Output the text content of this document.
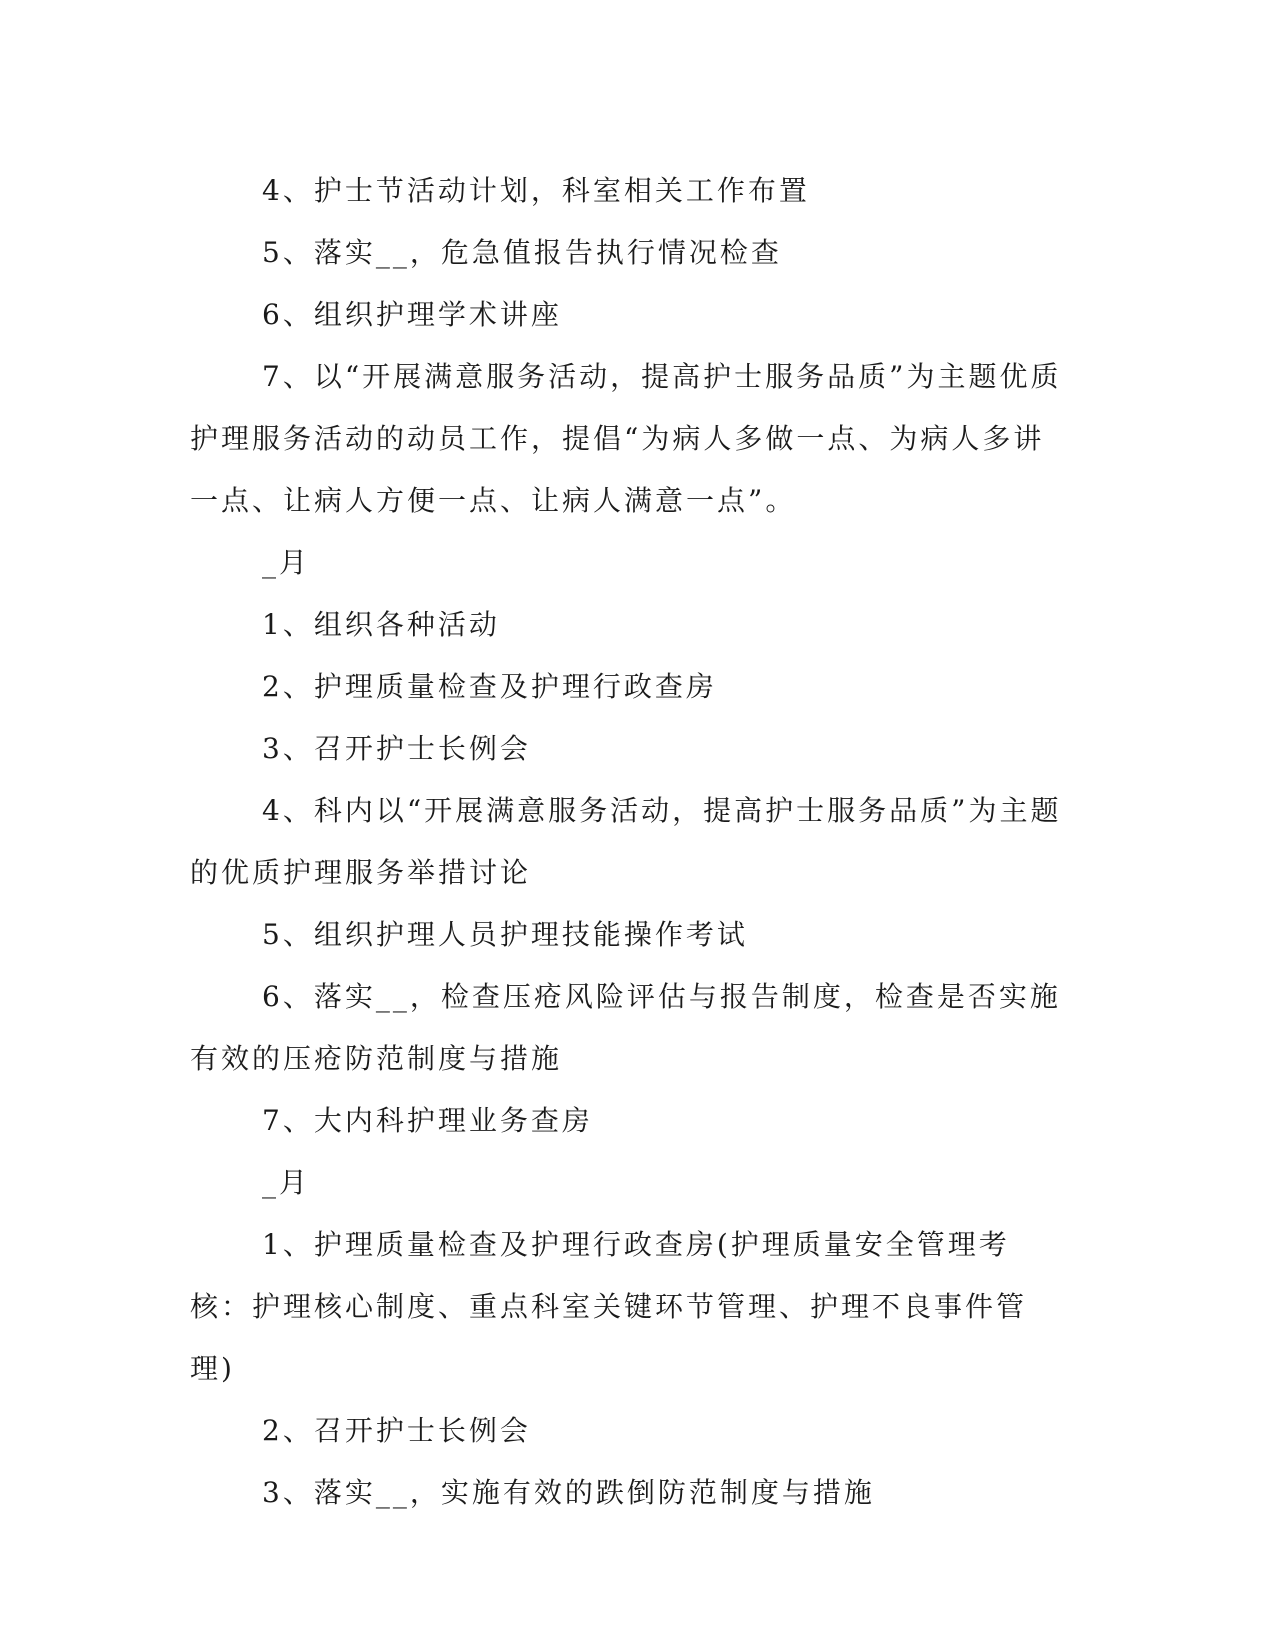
4、护士节活动计划，科室相关工作布置

5、落实__，危急值报告执行情况检查

6、组织护理学术讲座

7、以“开展满意服务活动，提高护士服务品质”为主题优质护理服务活动的动员工作，提倡“为病人多做一点、为病人多讲一点、让病人方便一点、让病人满意一点”。

_月

1、组织各种活动

2、护理质量检查及护理行政查房

3、召开护士长例会

4、科内以“开展满意服务活动，提高护士服务品质”为主题的优质护理服务举措讨论

5、组织护理人员护理技能操作考试

6、落实__，检查压疮风险评估与报告制度，检查是否实施有效的压疮防范制度与措施

7、大内科护理业务查房

_月

1、护理质量检查及护理行政查房(护理质量安全管理考核：护理核心制度、重点科室关键环节管理、护理不良事件管理)

2、召开护士长例会

3、落实__，实施有效的跌倒防范制度与措施
